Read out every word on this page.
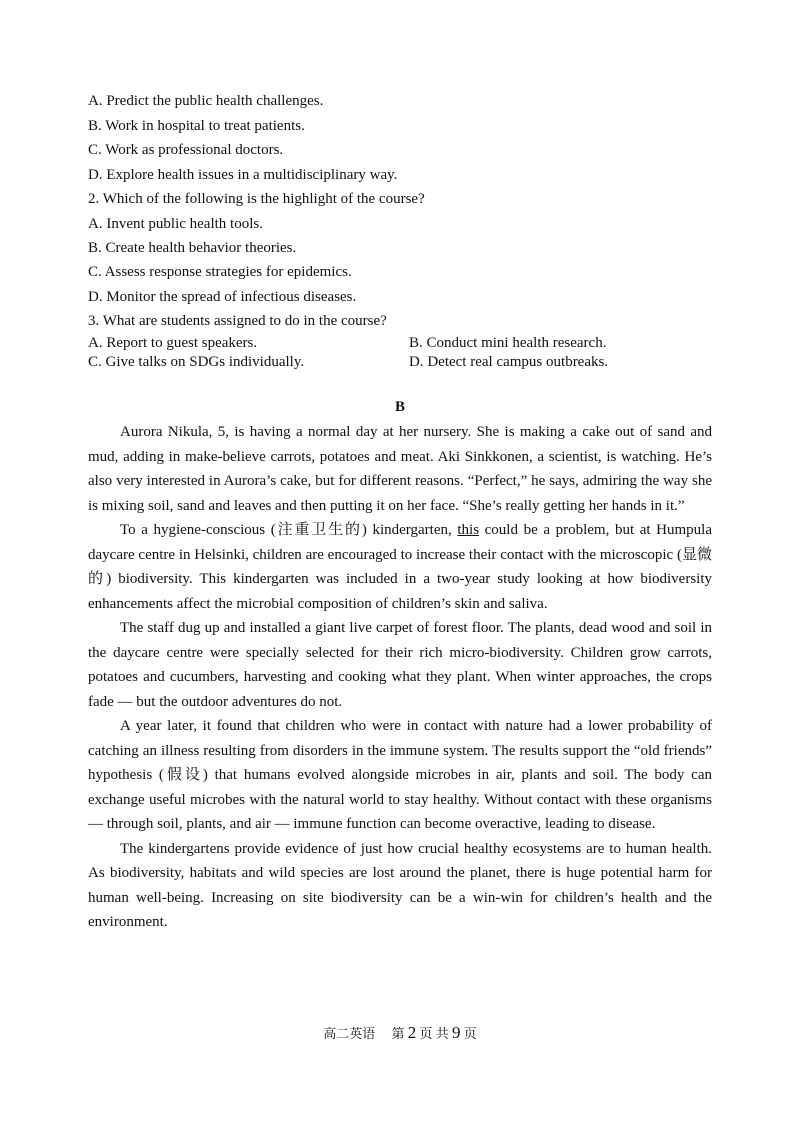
A. Predict the public health challenges.
B. Work in hospital to treat patients.
C. Work as professional doctors.
D. Explore health issues in a multidisciplinary way.
2. Which of the following is the highlight of the course?
A. Invent public health tools.
B. Create health behavior theories.
C. Assess response strategies for epidemics.
D. Monitor the spread of infectious diseases.
3. What are students assigned to do in the course?
A. Report to guest speakers.	B. Conduct mini health research.
C. Give talks on SDGs individually.	D. Detect real campus outbreaks.
B

Aurora Nikula, 5, is having a normal day at her nursery. She is making a cake out of sand and mud, adding in make-believe carrots, potatoes and meat. Aki Sinkkonen, a scientist, is watching. He’s also very interested in Aurora’s cake, but for different reasons. “Perfect,” he says, admiring the way she is mixing soil, sand and leaves and then putting it on her face. “She’s really getting her hands in it.”

To a hygiene-conscious (注重卫生的) kindergarten, this could be a problem, but at Humpula daycare centre in Helsinki, children are encouraged to increase their contact with the microscopic (显微的) biodiversity. This kindergarten was included in a two-year study looking at how biodiversity enhancements affect the microbial composition of children’s skin and saliva.

The staff dug up and installed a giant live carpet of forest floor. The plants, dead wood and soil in the daycare centre were specially selected for their rich micro-biodiversity. Children grow carrots, potatoes and cucumbers, harvesting and cooking what they plant. When winter approaches, the crops fade — but the outdoor adventures do not.

A year later, it found that children who were in contact with nature had a lower probability of catching an illness resulting from disorders in the immune system. The results support the “old friends” hypothesis (假设) that humans evolved alongside microbes in air, plants and soil. The body can exchange useful microbes with the natural world to stay healthy. Without contact with these organisms — through soil, plants, and air — immune function can become overactive, leading to disease.

The kindergartens provide evidence of just how crucial healthy ecosystems are to human health. As biodiversity, habitats and wild species are lost around the planet, there is huge potential harm for human well-being. Increasing on site biodiversity can be a win-win for children’s health and the environment.

高二英语 第 2 页 共 9 页
